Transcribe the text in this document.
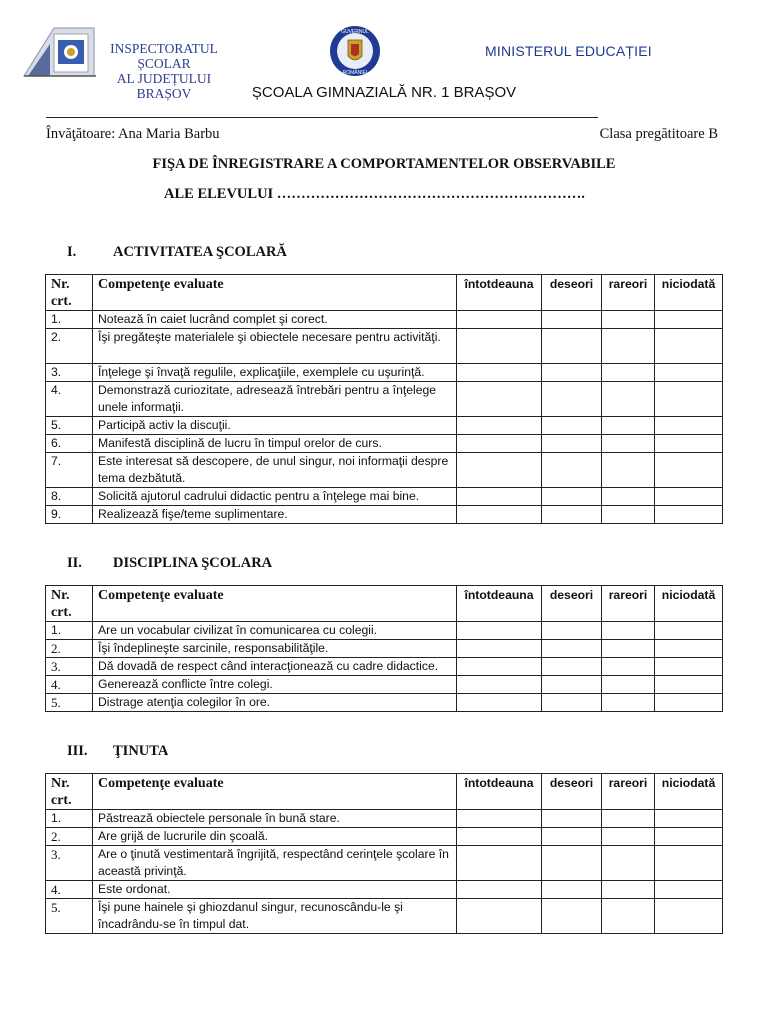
INSPECTORATUL ȘCOLAR
AL JUDEȚULUI BRAȘOV
GUVERNUL
ROMÂNIEI
MINISTERUL EDUCAȚIEI
ȘCOALA GIMNAZIALĂ NR. 1 BRAȘOV
Învăţătoare: Ana Maria Barbu	Clasa pregătitoare B
FIŞA DE ÎNREGISTRARE A COMPORTAMENTELOR OBSERVABILE
ALE ELEVULUI ……………………………………………………….
I.	ACTIVITATEA ŞCOLARĂ
Nr. crt.	Competenţe evaluate	întotdeauna	deseori	rareori	niciodată
1.	Notează în caiet lucrând complet şi corect.				
2.	Îşi pregăteşte materialele şi obiectele necesare pentru activităţi.				
3.	Înţelege şi învaţă regulile, explicaţiile, exemplele cu uşurinţă.				
4.	Demonstrază curiozitate, adresează întrebări pentru a înţelege unele informaţii.				
5.	Participă activ la discuţii.				
6.	Manifestă disciplină de lucru în timpul orelor de curs.				
7.	Este interesat să descopere, de unul singur, noi informaţii despre tema dezbătută.				
8.	Solicită ajutorul cadrului didactic pentru a înţelege mai bine.				
9.	Realizează fişe/teme suplimentare.				
II. DISCIPLINA ŞCOLARA
Nr. crt.	Competenţe evaluate	întotdeauna	deseori	rareori	niciodată
1.	Are un vocabular civilizat în comunicarea cu colegii.				
2.	Îşi îndeplineşte sarcinile, responsabilităţile.				
3.	Dă dovadă de respect când interacţionează cu cadre didactice.				
4.	Generează conflicte între colegi.				
5.	Distrage atenţia colegilor în ore.				
III. ŢINUTA
Nr. crt.	Competenţe evaluate	întotdeauna	deseori	rareori	niciodată
1.	Păstrează obiectele personale în bună stare.				
2.	Are grijă de lucrurile din şcoală.				
3.	Are o ţinută vestimentară îngrijită, respectând cerinţele şcolare în această privinţă.				
4.	Este ordonat.				
5.	Îşi pune hainele şi ghiozdanul singur, recunoscându-le şi încadrându-se în timpul dat.				
